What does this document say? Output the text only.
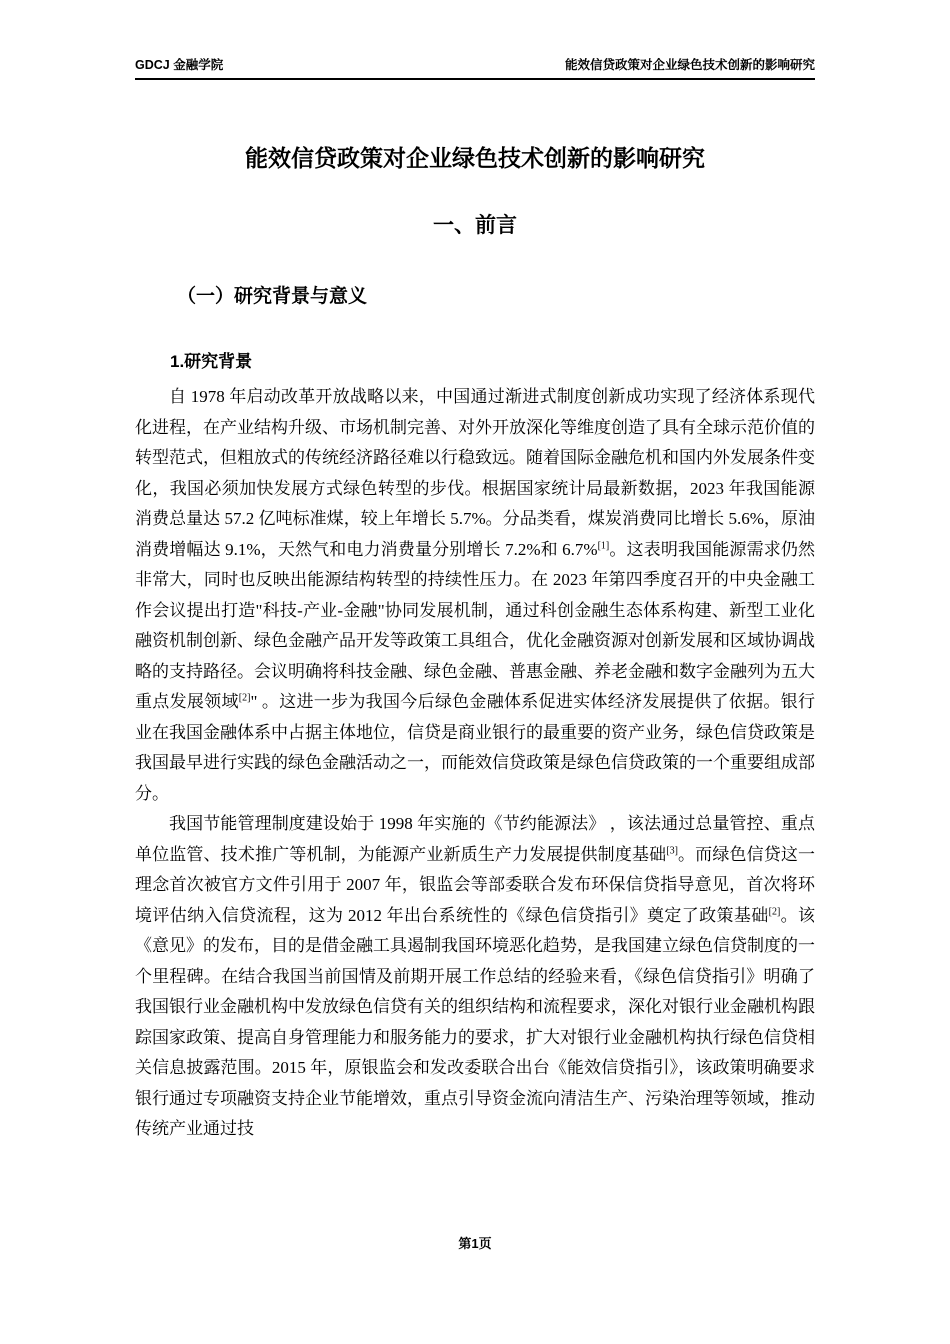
GDCJ 金融学院	能效信贷政策对企业绿色技术创新的影响研究
能效信贷政策对企业绿色技术创新的影响研究
一、前言
（一）研究背景与意义
1.研究背景

自 1978 年启动改革开放战略以来，中国通过渐进式制度创新成功实现了经济体系现代化进程，在产业结构升级、市场机制完善、对外开放深化等维度创造了具有全球示范价值的转型范式，但粗放式的传统经济路径难以行稳致远。随着国际金融危机和国内外发展条件变化，我国必须加快发展方式绿色转型的步伐。根据国家统计局最新数据，2023 年我国能源消费总量达 57.2 亿吨标准煤，较上年增长 5.7%。分品类看，煤炭消费同比增长 5.6%，原油消费增幅达 9.1%，天然气和电力消费量分别增长 7.2%和 6.7%[1]。这表明我国能源需求仍然非常大，同时也反映出能源结构转型的持续性压力。在 2023 年第四季度召开的中央金融工作会议提出打造"科技-产业-金融"协同发展机制，通过科创金融生态体系构建、新型工业化融资机制创新、绿色金融产品开发等政策工具组合，优化金融资源对创新发展和区域协调战略的支持路径。会议明确将科技金融、绿色金融、普惠金融、养老金融和数字金融列为五大重点发展领域[2]" 。这进一步为我国今后绿色金融体系促进实体经济发展提供了依据。银行业在我国金融体系中占据主体地位，信贷是商业银行的最重要的资产业务，绿色信贷政策是我国最早进行实践的绿色金融活动之一，而能效信贷政策是绿色信贷政策的一个重要组成部分。

我国节能管理制度建设始于 1998 年实施的《节约能源法》 ，该法通过总量管控、重点单位监管、技术推广等机制，为能源产业新质生产力发展提供制度基础[3]。而绿色信贷这一理念首次被官方文件引用于 2007 年，银监会等部委联合发布环保信贷指导意见，首次将环境评估纳入信贷流程，这为 2012 年出台系统性的《绿色信贷指引》奠定了政策基础[2]。该《意见》的发布，目的是借金融工具遏制我国环境恶化趋势，是我国建立绿色信贷制度的一个里程碑。在结合我国当前国情及前期开展工作总结的经验来看，《绿色信贷指引》明确了我国银行业金融机构中发放绿色信贷有关的组织结构和流程要求，深化对银行业金融机构跟踪国家政策、提高自身管理能力和服务能力的要求，扩大对银行业金融机构执行绿色信贷相关信息披露范围。2015 年，原银监会和发改委联合出台《能效信贷指引》，该政策明确要求银行通过专项融资支持企业节能增效，重点引导资金流向清洁生产、污染治理等领域，推动传统产业通过技

第1页
